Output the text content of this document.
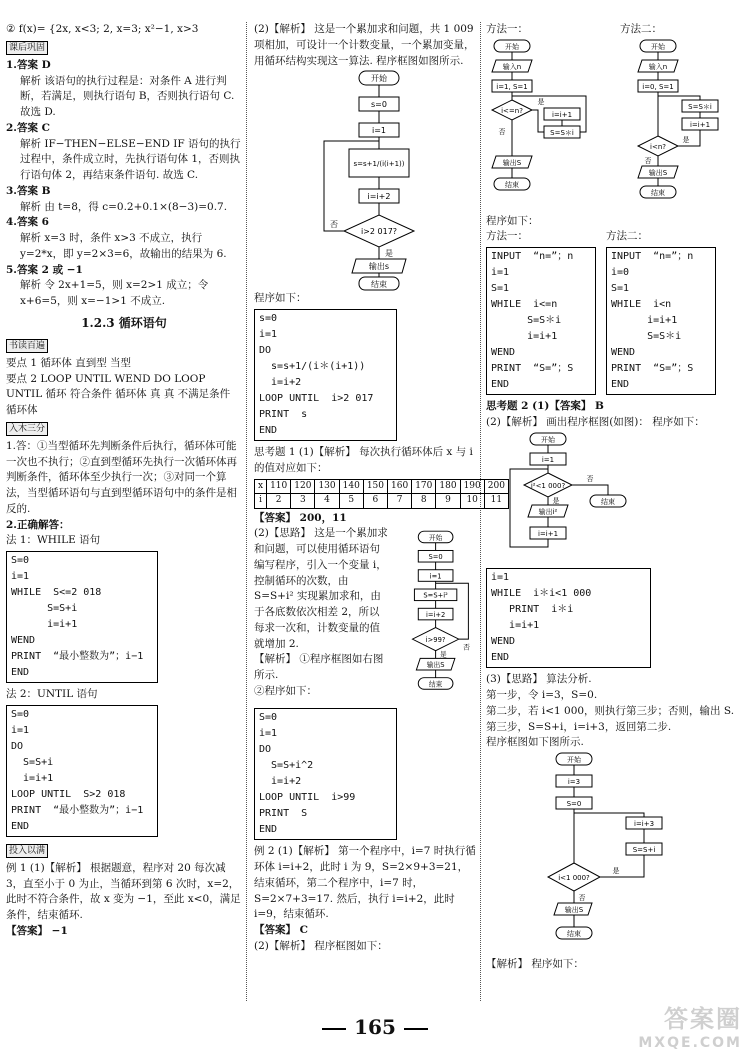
② f(x)= {2x, x<3; 2, x=3; x²−1, x>3

课后巩固

1.答案 D

解析 该语句的执行过程是：对条件 A 进行判断，若满足，则执行语句 B，否则执行语句 C. 故选 D.

2.答案 C

解析 IF−THEN−ELSE−END IF 语句的执行过程中，条件成立时，先执行语句体 1，否则执行语句体 2，再结束条件语句. 故选 C.

3.答案 B

解析 由 t=8，得 c=0.2+0.1×(8−3)=0.7.

4.答案 6

解析 x=3 时，条件 x>3 不成立，执行 y=2*x，即 y=2×3=6，故输出的结果为 6.

5.答案 2 或 −1

解析 令 2x+1=5，则 x=2>1 成立；令 x+6=5，则 x=−1>1 不成立.

1.2.3 循环语句

书读百遍

要点 1 循环体 直到型 当型

要点 2 LOOP UNTIL WEND DO LOOP UNTIL 循环 符合条件 循环体 真 真 不满足条件 循环体

入木三分

1.答：①当型循环先判断条件后执行，循环体可能一次也不执行；②直到型循环先执行一次循环体再判断条件，循环体至少执行一次；③对同一个算法，当型循环语句与直到型循环语句中的条件是相反的.

2.正确解答：

法 1：WHILE 语句

S=0
i=1
WHILE  S<=2 018
S=S+i
i=i+1
WEND
PRINT  “最小整数为”；i−1
END

法 2：UNTIL 语句

S=0
i=1
DO
S=S+i
i=i+1
LOOP UNTIL  S>2 018
PRINT  “最小整数为”；i−1
END
投入以满

例 1 (1)【解析】 根据题意，程序对 20 每次减 3，直至小于 0 为止，当循环到第 6 次时，x=2，此时不符合条件，故 x 变为 −1，至此 x<0，满足条件，结束循环.

【答案】 −1

(2)【解析】 这是一个累加求和问题，共 1 009 项相加，可设计一个计数变量，一个累加变量，用循环结构实现这一算法. 程序框图如图所示.

开始
s=0
i=1
s=s+1/(i(i+1))
i=i+2
i>2 017?
否
是
输出s
结束

程序如下：

s=0
i=1
DO
s=s+1/(i＊(i+1))
i=i+2
LOOP UNTIL  i>2 017
PRINT  s
END

思考题 1 (1)【解析】 每次执行循环体后 x 与 i 的值对应如下：

x	110	120	130	140	150	160	170	180	190	200
i	2	3	4	5	6	7	8	9	10	11

【答案】 200，11

(2)【思路】 这是一个累加求和问题，可以使用循环语句编写程序，引入一个变量 i，控制循环的次数，由 S=S+i² 实现累加求和，由于各底数依次相差 2，所以每求一次和，计数变量的值就增加 2.

【解析】 ①程序框图如右图所示.

②程序如下：

开始
S=0
i=1
S=S+i²
i=i+2
i>99?
否
是
输出S
结束
S=0
i=1
DO
S=S+i^2
i=i+2
LOOP UNTIL  i>99
PRINT  S
END

例 2 (1)【解析】 第一个程序中，i=7 时执行循环体 i=i+2，此时 i 为 9，S=2×9+3=21，结束循环，第二个程序中，i=7 时，S=2×7+3=17. 然后，执行 i=i+2，此时 i=9，结束循环.

【答案】 C

(2)【解析】 程序框图如下：

方法一：

开始
输入n
i=1, S=1
i<=n?	i=i+1
S=S＊i
是
否
输出S
结束

方法二：

开始
输入n
i=0, S=1
S=S＊i
i=i+1
i<n?
是
否
输出S
结束

程序如下：

方法一：

INPUT  “n=”；n
i=1
S=1
WHILE  i<=n
S=S＊i
i=i+1
WEND
PRINT  “S=”；S
END

方法二：

INPUT  “n=”；n
i=0
S=1
WHILE  i<n
i=i+1
S=S＊i
WEND
PRINT  “S=”；S
END

思考题 2 (1)【答案】 B

(2)【解析】 画出程序框图(如图)： 程序如下：

开始
i=1
i²<1 000?
否
是
输出i²
i=i+1
结束
i=1
WHILE  i＊i<1 000
PRINT  i＊i
i=i+1
WEND
END

(3)【思路】 算法分析.

第一步，令 i=3，S=0.

第二步，若 i<1 000，则执行第三步；否则，输出 S.

第三步，S=S+i，i=i+3，返回第二步.

程序框图如下图所示.

开始
i=3
S=0
i=i+3
S=S+i
i<1 000?
是
否
输出S
结束

【解析】 程序如下：

165	答案圈
MXQE.COM
